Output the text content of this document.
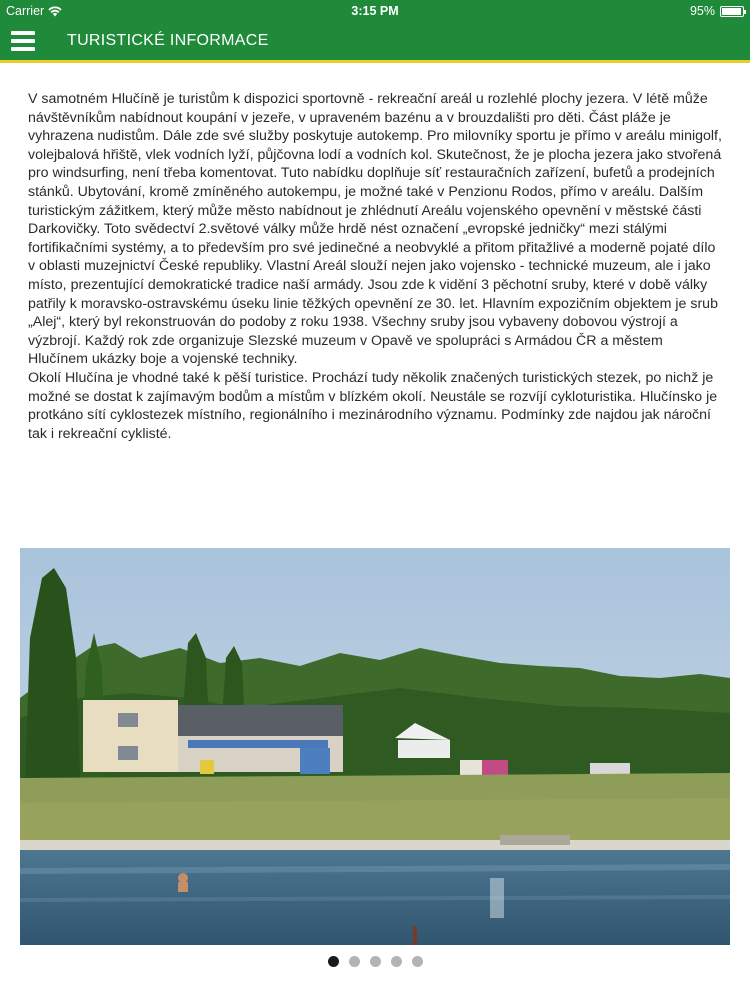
Carrier	3:15 PM	95%
TURISTICKÉ INFORMACE

V samotném Hlučíně je turistům k dispozici sportovně - rekreační areál u rozlehlé plochy jezera. V létě může návštěvníkům nabídnout koupání v jezeře, v upraveném bazénu a v brouzdališti pro děti. Část pláže je vyhrazena nudistům. Dále zde své služby poskytuje autokemp. Pro milovníky sportu je přímo v areálu minigolf, volejbalová hřiště, vlek vodních lyží, půjčovna lodí a vodních kol. Skutečnost, že je plocha jezera jako stvořená pro windsurfing, není třeba komentovat. Tuto nabídku doplňuje síť restauračních zařízení, bufetů a prodejních stánků. Ubytování, kromě zmíněného autokempu, je možné také v Penzionu Rodos, přímo v areálu. Dalším turistickým zážitkem, který může město nabídnout je zhlédnutí Areálu vojenského opevnění v městské části Darkovičky. Toto svědectví 2.světové války může hrdě nést označení „evropské jedničky“ mezi stálými fortifikačními systémy, a to především pro své jedinečné a neobvyklé a přitom přitažlivé a moderně pojaté dílo v oblasti muzejnictví České republiky. Vlastní Areál slouží nejen jako vojensko - technické muzeum, ale i jako místo, prezentující demokratické tradice naší armády. Jsou zde k vidění 3 pěchotní sruby, které v době války patřily k moravsko-ostravskému úseku linie těžkých opevnění ze 30. let. Hlavním expozičním objektem je srub „Alej“, který byl rekonstruován do podoby z roku 1938. Všechny sruby jsou vybaveny dobovou výstrojí a výzbrojí. Každý rok zde organizuje Slezské muzeum v Opavě ve spolupráci s Armádou ČR a městem Hlučínem ukázky boje a vojenské techniky.

Okolí Hlučína je vhodné také k pěší turistice. Prochází tudy několik značených turistických stezek, po nichž je možné se dostat k zajímavým bodům a místům v blízkém okolí. Neustále se rozvíjí cykloturistika. Hlučínsko je protkáno sítí cyklostezek místního, regionálního i mezinárodního významu. Podmínky zde najdou jak nároční tak i rekreační cyklisté.
